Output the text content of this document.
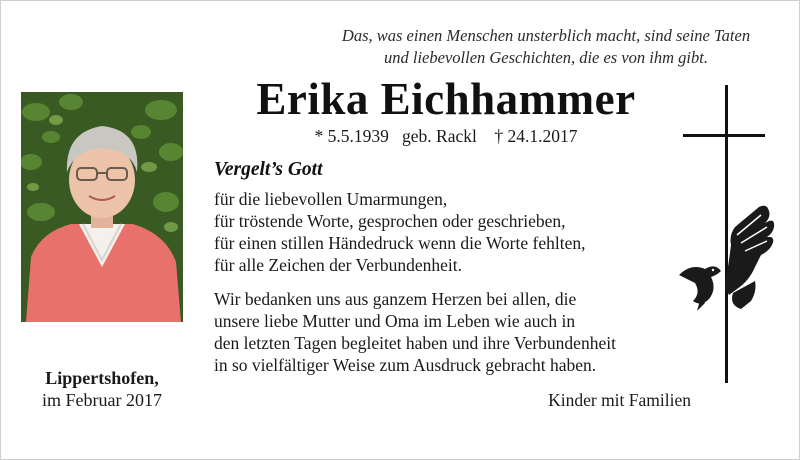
Das, was einen Menschen unsterblich macht, sind seine Taten
und liebevollen Geschichten, die es von ihm gibt.
Erika Eichhammer
* 5.5.1939   geb. Rackl    † 24.1.2017
Vergelt’s Gott
für die liebevollen Umarmungen,
für tröstende Worte, gesprochen oder geschrieben,
für einen stillen Händedruck wenn die Worte fehlten,
für alle Zeichen der Verbundenheit.
Wir bedanken uns aus ganzem Herzen bei allen, die
unsere liebe Mutter und Oma im Leben wie auch in
den letzten Tagen begleitet haben und ihre Verbundenheit
in so vielfältiger Weise zum Ausdruck gebracht haben.
Kinder mit Familien
Lippertshofen,
im Februar 2017
